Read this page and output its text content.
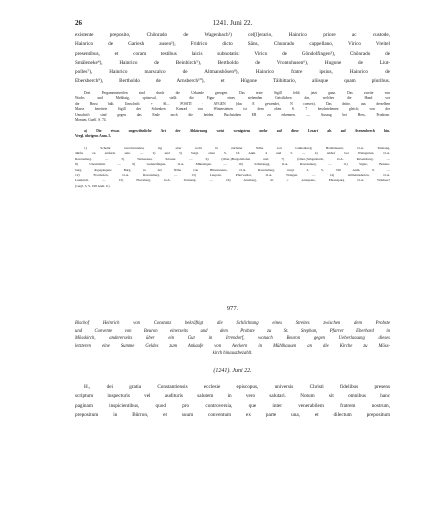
26	1241. Juni 22.
existente preposito, Chônrado de Wagenbach¹) cel[l]erario, Hainrico priore ac custode,
Hainrico de Gariesh ausen²), Fridrico dicto Sâns, Chunrado cappellano, Virico Vreitel
presentibus, et coram testibus laicis subnotatis: Virico de Gôndolfingen³), Chônrado de
Smâleneke⁴), Hainrico de Beinbirch⁵), Bertholdo de Vrontohusen⁶), Hugone de Liut-
polles⁷), Hainrico marscalco de Altmanshôsen⁸), Hainrico fratre ipsius, Hainrico de
Ebersberch⁹), Bertholdo de Arnsberch¹⁰), et Hûgone Tâibittario, aliisque quam pluribus.
Drei Pergamentstreifen sind durch die Urkunde gezogen. Das erste Sigill fehlt jetzt ganz. Das zweite von
Wachs und Mehltaig, spitzoval, stellt die Figur eines stehenden Geistlichen dar, welcher die Hand vor
die Brust hält. Umschrift: + SI.... POSITI · AVGEN (das E gewendet, N convex). Das dritte, aus derselben
Masse bereitete Sigill des Schenken Konrad von Winterstetten ist dem oben S. 7 beschriebenen gleich; von der
Umschrift sind gegen das Ende noch die beiden Buchstaben ER zu erkennen. — Auszug bei Hess, Prodrom.
Monum. Guelf. S. 74.
a) Die etwas ungewöhnliche Art der Abkürzung weist wenigstens mehr auf diese Lesart als auf Avenenberch hin.
Vergl. übrigens Anm. 5.
1) Scheint verschwunden, lag aber wohl in nächster Nähe von Grünenberg; Holzhäusern, O.A. Tettnang,
dürfte zu entfernt sein. — 2) und 3) Vergl. oben S. 16 Anm. 4 und 5. — 4) Abhof bei Weingarten, O.A.
Ravensburg. — 5) Weissenau, Kloster. — 6) (Ober-)Borgolzhofen und 7) (Ober-)Wagenbach, O.A. Ravensburg. —
8) Unermittelt. — 9) Gundelfingen, O.A. Münsingen. — 10) Schmalegg, O.A. Ravensburg. — 11) Signe, Beinen-
burg, abgegangene Burg, in der Nähe von Blitzenreute, O.A. Ravensburg, vergl. 2, S. 336 Anm. 9. —
12) Fronhofen, O.A. Ravensburg. — 13) Leupolz, Pfarrweiler, O.A. Wangen. — 14) Altmannshofen, O.A.
Leutkirch. — 15) Ebersberg, O.A. Tettnang. — 16) Arnsberg, ob = Arnspreie, Ehrenspurg O.A. Waldsee?
(vergl. 3, S. 198 Anm. 9.)
977.
Bischof Heinrich von Constanz bekräftigt die Schlichtung eines Streites zwischen dem Probste
und Convente von Beuron einerseits und dem Probste zu St. Stephan, Pfarrer Eberhard in
Mösskirch, andererseits über ein Gut in Irrendorf, wonach Beuron gegen Ueberlassung dieses
letzteren eine Summe Geldes zum Ankaufe von Aeckern in Mühlhausen an die Kirche zu Möss-
kirch hinauszbezahlt.
(1241). Juni 22.
H., dei gratia Constantiensis ecclesie episcopus, universis Christi fidelibus presens
scriptum inspecturis vel audituris salutem in vero salutari. Notum sit omnibus hanc
paginam inspicientibus, quod pro controversia, que inter venerabilem fratrem nostrum,
prepositum in Bûrron, et suum conventum ex parte una, et dilectum prepositum
